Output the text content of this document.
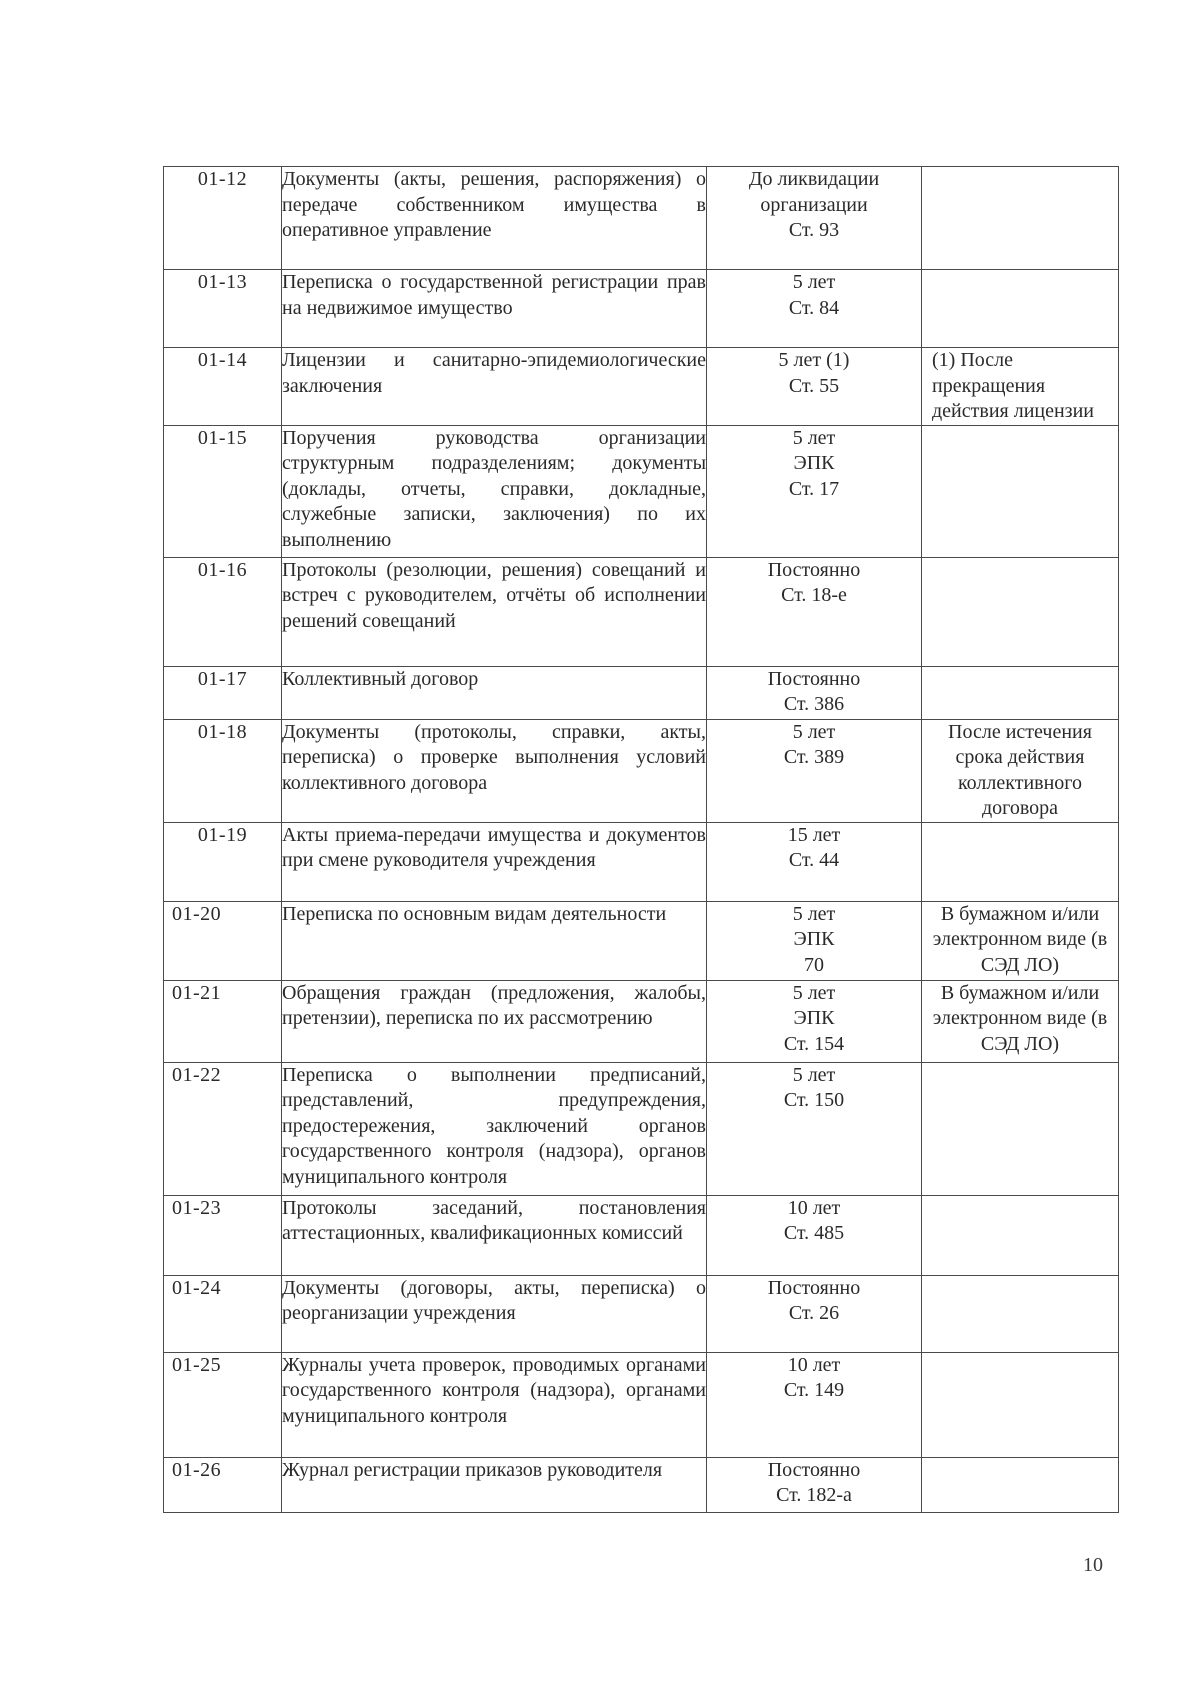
01-12	Документы (акты, решения, распоряжения) о передаче собственником имущества в оперативное управление	До ликвидации
организации
Ст. 93	

01-13	Переписка о государственной регистрации прав на недвижимое имущество	5 лет
Ст. 84	

01-14	Лицензии и санитарно-эпидемиологические заключения	5 лет (1)
Ст. 55	(1) После прекращения действия лицензии
01-15	Поручения руководства организации структурным подразделениям; документы (доклады, отчеты, справки, докладные, служебные записки, заключения) по их выполнению	5 лет
ЭПК
Ст. 17	

01-16	Протоколы (резолюции, решения) совещаний и встреч с руководителем, отчёты об исполнении решений совещаний	Постоянно
Ст. 18-е	

01-17	Коллективный договор	Постоянно
Ст. 386	

01-18	Документы (протоколы, справки, акты, переписка) о проверке выполнения условий коллективного договора	5 лет
Ст. 389	После истечения срока действия коллективного договора
01-19	Акты приема-передачи имущества и документов при смене руководителя учреждения	15 лет
Ст. 44	

01-20	Переписка по основным видам деятельности	5 лет
ЭПК
70	В бумажном и/или электронном виде (в СЭД ЛО)
01-21	Обращения граждан (предложения, жалобы, претензии), переписка по их рассмотрению	5 лет
ЭПК
Ст. 154	В бумажном и/или электронном виде (в СЭД ЛО)
01-22	Переписка о выполнении предписаний, представлений, предупреждения, предостережения, заключений органов государственного контроля (надзора), органов муниципального контроля	5 лет
Ст. 150	

01-23	Протоколы заседаний, постановления аттестационных, квалификационных комиссий	10 лет
Ст. 485	

01-24	Документы (договоры, акты, переписка) о реорганизации учреждения	Постоянно
Ст. 26	

01-25	Журналы учета проверок, проводимых органами государственного контроля (надзора), органами муниципального контроля	10 лет
Ст. 149	

01-26	Журнал регистрации приказов руководителя	Постоянно
Ст. 182-а	

10
